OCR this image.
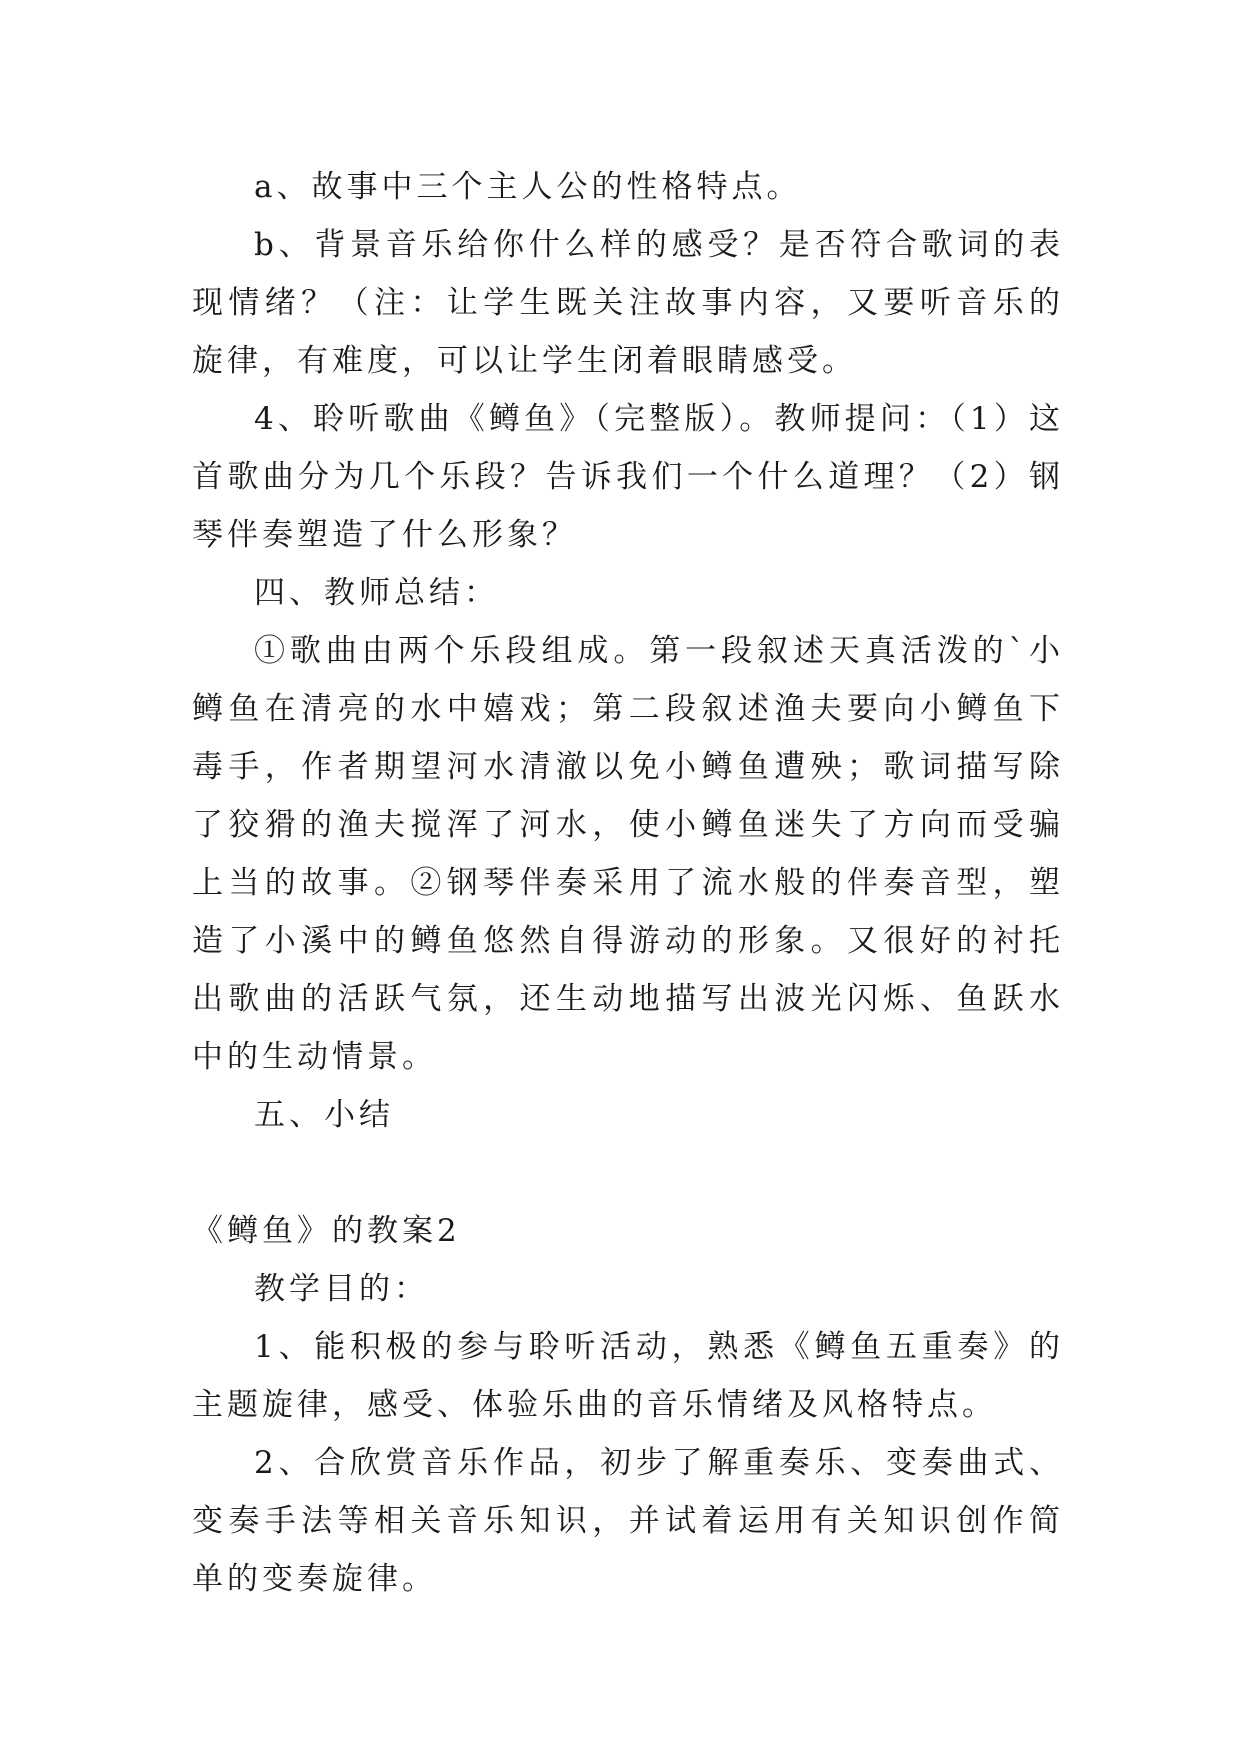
a、故事中三个主人公的性格特点。

b、背景音乐给你什么样的感受？是否符合歌词的表现情绪？（注：让学生既关注故事内容，又要听音乐的旋律，有难度，可以让学生闭着眼睛感受。

4、聆听歌曲《鳟鱼》（完整版）。教师提问：（1）这首歌曲分为几个乐段？告诉我们一个什么道理？（2）钢琴伴奏塑造了什么形象？

四、教师总结：

①歌曲由两个乐段组成。第一段叙述天真活泼的`小鳟鱼在清亮的水中嬉戏；第二段叙述渔夫要向小鳟鱼下毒手，作者期望河水清澈以免小鳟鱼遭殃；歌词描写除了狡猾的渔夫搅浑了河水，使小鳟鱼迷失了方向而受骗上当的故事。②钢琴伴奏采用了流水般的伴奏音型，塑造了小溪中的鳟鱼悠然自得游动的形象。又很好的衬托出歌曲的活跃气氛，还生动地描写出波光闪烁、鱼跃水中的生动情景。

五、小结

《鳟鱼》的教案2

教学目的：

1、能积极的参与聆听活动，熟悉《鳟鱼五重奏》的主题旋律，感受、体验乐曲的音乐情绪及风格特点。

2、合欣赏音乐作品，初步了解重奏乐、变奏曲式、变奏手法等相关音乐知识，并试着运用有关知识创作简单的变奏旋律。
